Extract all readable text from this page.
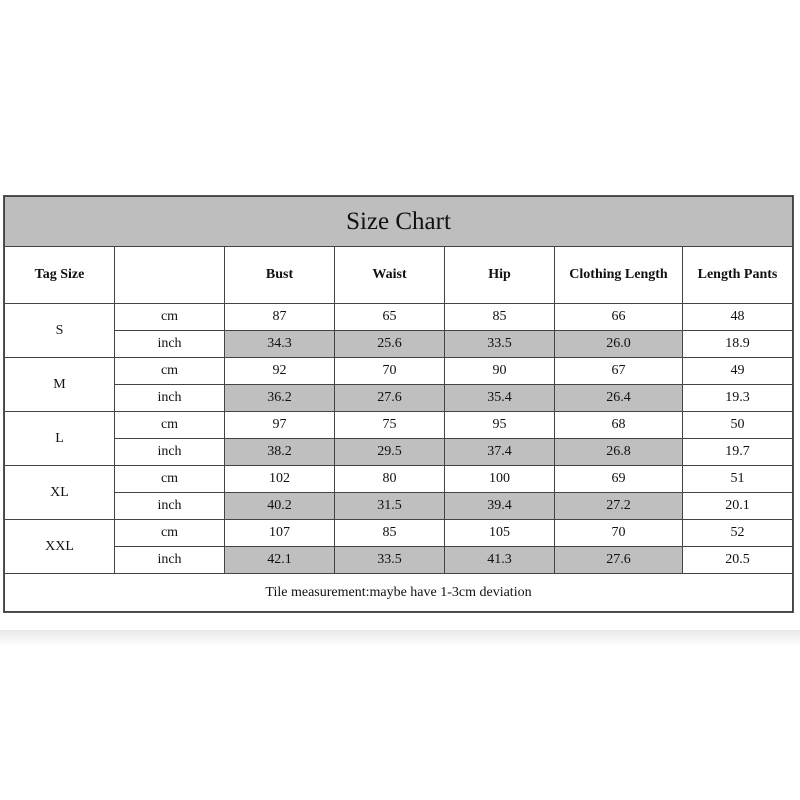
Size Chart						
Tag Size		Bust	Waist	Hip	Clothing Length	Length Pants
S	cm	87	65	85	66	48
	inch	34.3	25.6	33.5	26.0	18.9
M	cm	92	70	90	67	49
	inch	36.2	27.6	35.4	26.4	19.3
L	cm	97	75	95	68	50
	inch	38.2	29.5	37.4	26.8	19.7
XL	cm	102	80	100	69	51
	inch	40.2	31.5	39.4	27.2	20.1
XXL	cm	107	85	105	70	52
	inch	42.1	33.5	41.3	27.6	20.5
Tile measurement:maybe have 1-3cm deviation						
